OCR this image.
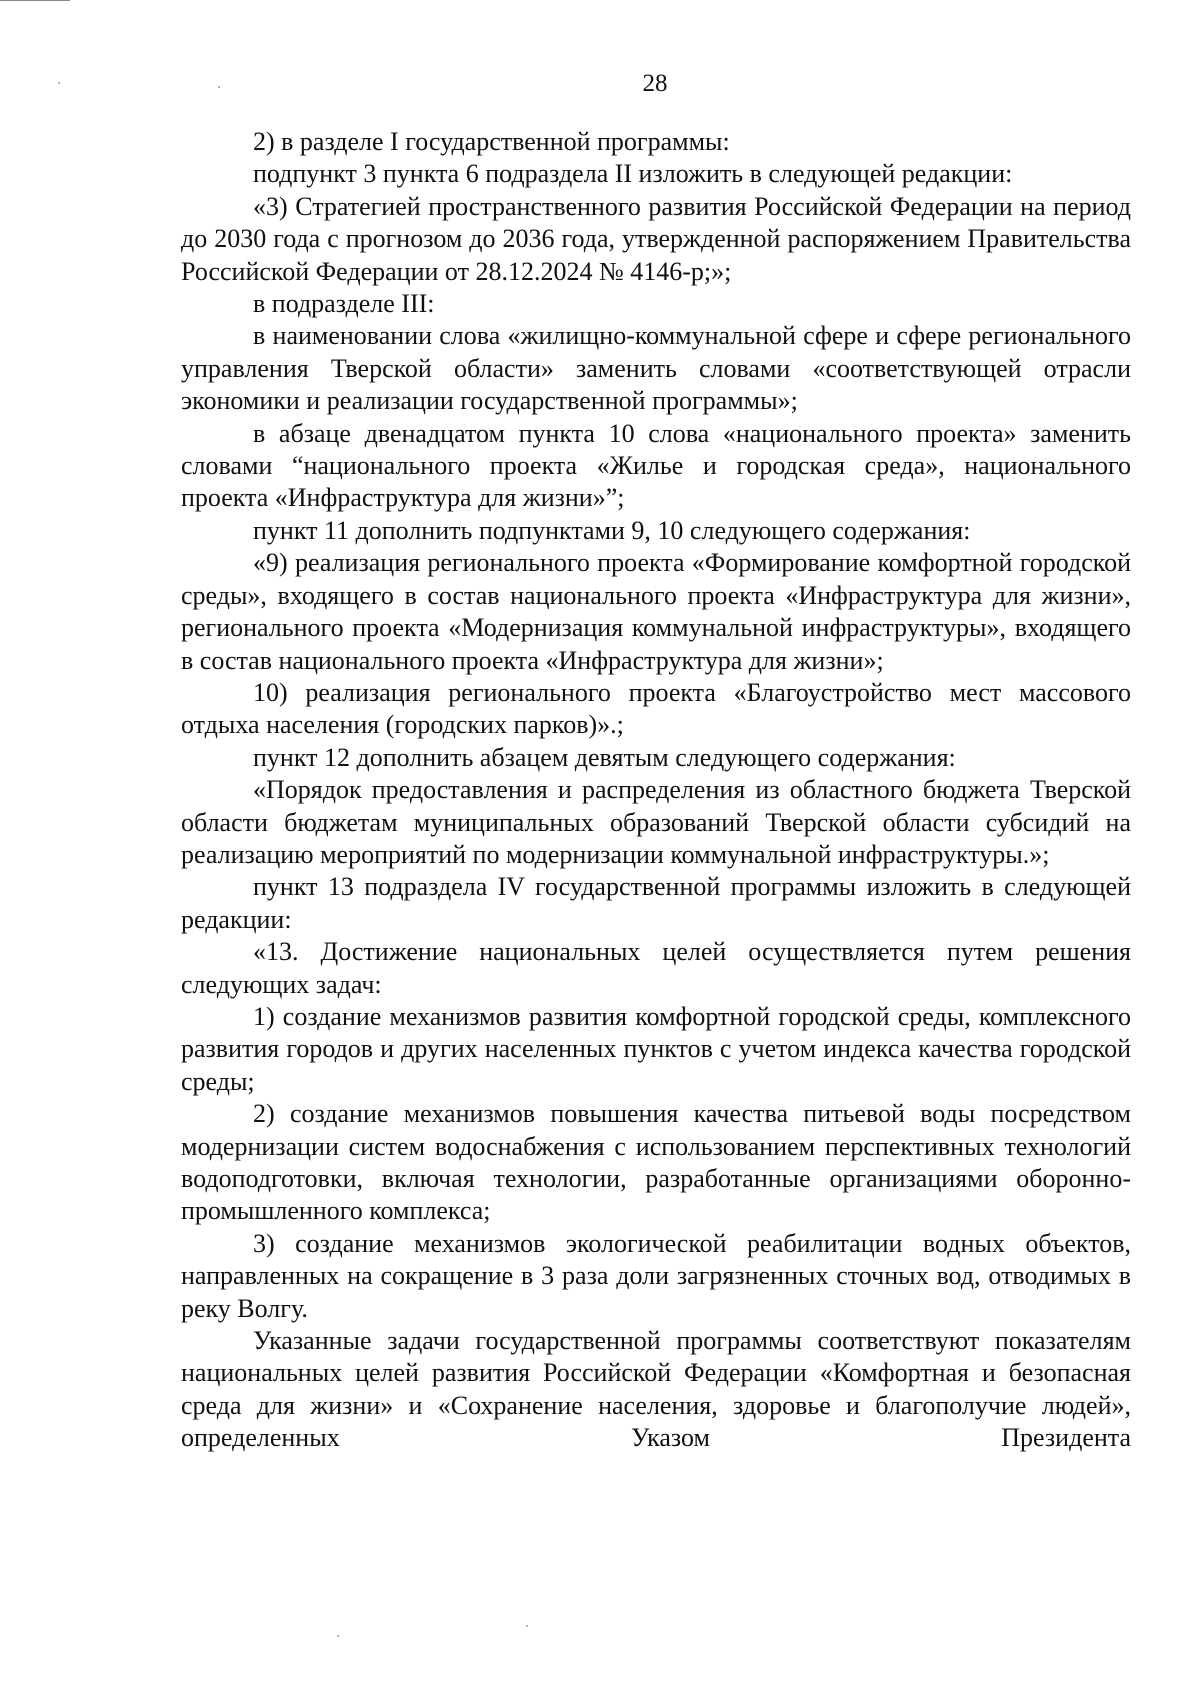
28

2) в разделе I государственной программы:

подпункт 3 пункта 6 подраздела II изложить в следующей редакции:

«3) Стратегией пространственного развития Российской Федерации на период до 2030 года с прогнозом до 2036 года, утвержденной распоряжением Правительства Российской Федерации от 28.12.2024 № 4146-р;»;

в подразделе III:

в наименовании слова «жилищно-коммунальной сфере и сфере регионального управления Тверской области» заменить словами «соответствующей отрасли экономики и реализации государственной программы»;

в абзаце двенадцатом пункта 10 слова «национального проекта» заменить словами “национального проекта «Жилье и городская среда», национального проекта «Инфраструктура для жизни»”;

пункт 11 дополнить подпунктами 9, 10 следующего содержания:

«9) реализация регионального проекта «Формирование комфортной городской среды», входящего в состав национального проекта «Инфраструктура для жизни», регионального проекта «Модернизация коммунальной инфраструктуры», входящего в состав национального проекта «Инфраструктура для жизни»;

10) реализация регионального проекта «Благоустройство мест массового отдыха населения (городских парков)».;

пункт 12 дополнить абзацем девятым следующего содержания:

«Порядок предоставления и распределения из областного бюджета Тверской области бюджетам муниципальных образований Тверской области субсидий на реализацию мероприятий по модернизации коммунальной инфраструктуры.»;

пункт 13 подраздела IV государственной программы изложить в следующей редакции:

«13. Достижение национальных целей осуществляется путем решения следующих задач:

1) создание механизмов развития комфортной городской среды, комплексного развития городов и других населенных пунктов с учетом индекса качества городской среды;

2) создание механизмов повышения качества питьевой воды посредством модернизации систем водоснабжения с использованием перспективных технологий водоподготовки, включая технологии, разработанные организациями оборонно-промышленного комплекса;

3) создание механизмов экологической реабилитации водных объектов, направленных на сокращение в 3 раза доли загрязненных сточных вод, отводимых в реку Волгу.

Указанные задачи государственной программы соответствуют показателям национальных целей развития Российской Федерации «Комфортная и безопасная среда для жизни» и «Сохранение населения, здоровье и благополучие людей», определенных Указом Президента
